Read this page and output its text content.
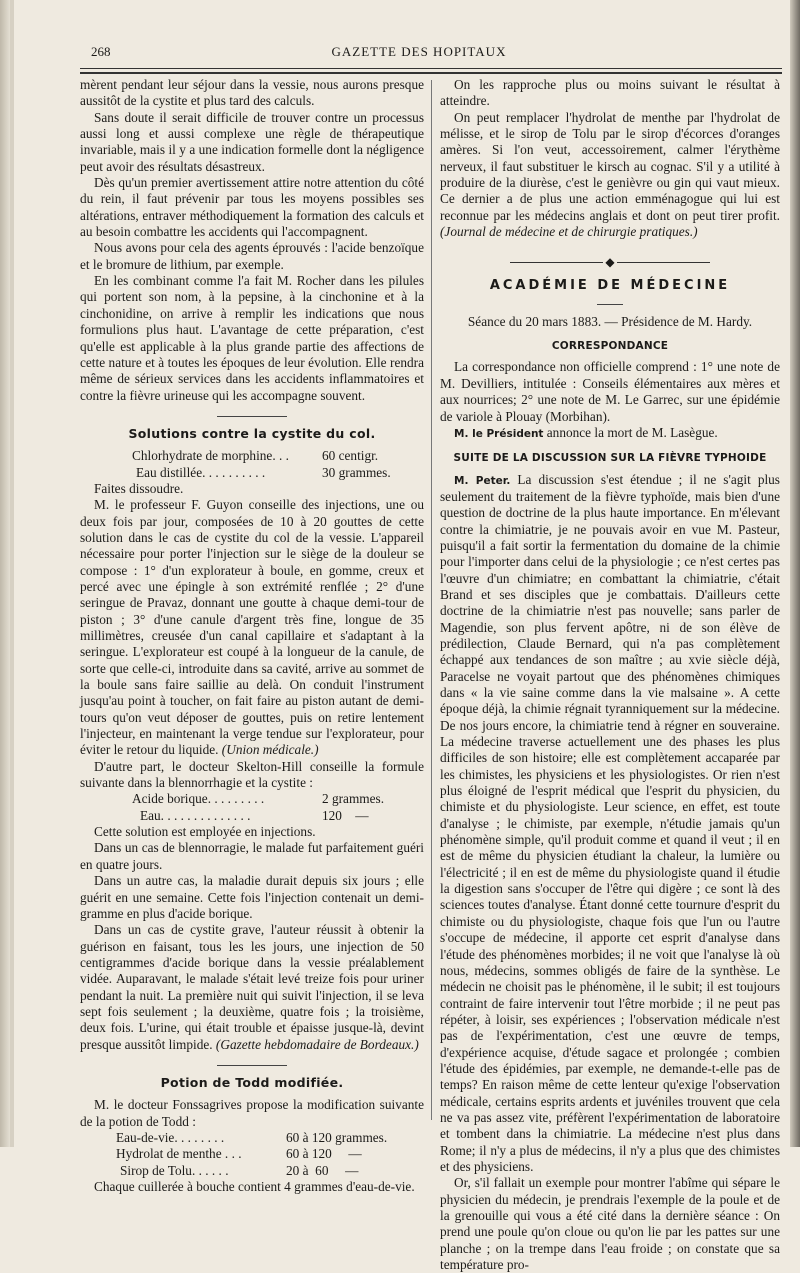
268	GAZETTE DES HOPITAUX

mèrent pendant leur séjour dans la vessie, nous aurons presque aussitôt de la cystite et plus tard des calculs.

Sans doute il serait difficile de trouver contre un processus aussi long et aussi complexe une règle de thérapeutique invariable, mais il y a une indication formelle dont la négligence peut avoir des résultats désastreux.

Dès qu'un premier avertissement attire notre attention du côté du rein, il faut prévenir par tous les moyens possibles ses altérations, entraver méthodiquement la formation des calculs et au besoin combattre les accidents qui l'accompagnent.

Nous avons pour cela des agents éprouvés : l'acide benzoïque et le bromure de lithium, par exemple.

En les combinant comme l'a fait M. Rocher dans les pilules qui portent son nom, à la pepsine, à la cinchonine et à la cinchonidine, on arrive à remplir les indications que nous formulions plus haut. L'avantage de cette préparation, c'est qu'elle est applicable à la plus grande partie des affections de cette nature et à toutes les époques de leur évolution. Elle rendra même de sérieux services dans les accidents inflammatoires et contre la fièvre urineuse qui les accompagne souvent.

Solutions contre la cystite du col.

Chlorhydrate de morphine. . .	60 centigr.
Eau distillée. . . . . . . . . .	30 grammes.

Faites dissoudre.

M. le professeur F. Guyon conseille des injections, une ou deux fois par jour, composées de 10 à 20 gouttes de cette solution dans le cas de cystite du col de la vessie. L'appareil nécessaire pour porter l'injection sur le siège de la douleur se compose : 1° d'un explorateur à boule, en gomme, creux et percé avec une épingle à son extrémité renflée ; 2° d'une seringue de Pravaz, donnant une goutte à chaque demi-tour de piston ; 3° d'une canule d'argent très fine, longue de 35 millimètres, creusée d'un canal capillaire et s'adaptant à la seringue. L'explorateur est coupé à la longueur de la canule, de sorte que celle-ci, introduite dans sa cavité, arrive au sommet de la boule sans faire saillie au delà. On conduit l'instrument jusqu'au point à toucher, on fait faire au piston autant de demi-tours qu'on veut déposer de gouttes, puis on retire lentement l'injecteur, en maintenant la verge tendue sur l'explorateur, pour éviter le retour du liquide. (Union médicale.)

D'autre part, le docteur Skelton-Hill conseille la formule suivante dans la blennorrhagie et la cystite :

Acide borique. . . . . . . . .	2 grammes.
Eau. . . . . . . . . . . . . .	120    —

Cette solution est employée en injections.

Dans un cas de blennorragie, le malade fut parfaitement guéri en quatre jours.

Dans un autre cas, la maladie durait depuis six jours ; elle guérit en une semaine. Cette fois l'injection contenait un demi-gramme en plus d'acide borique.

Dans un cas de cystite grave, l'auteur réussit à obtenir la guérison en faisant, tous les les jours, une injection de 50 centigrammes d'acide borique dans la vessie préalablement vidée. Auparavant, le malade s'était levé treize fois pour uriner pendant la nuit. La première nuit qui suivit l'injection, il se leva sept fois seulement ; la deuxième, quatre fois ; la troisième, deux fois. L'urine, qui était trouble et épaisse jusque-là, devint presque aussitôt limpide. (Gazette hebdomadaire de Bordeaux.)

Potion de Todd modifiée.

M. le docteur Fonssagrives propose la modification suivante de la potion de Todd :

Eau-de-vie. . . . . . . .	60 à 120 grammes.
Hydrolat de menthe . . .	60 à 120     —
Sirop de Tolu. . . . . .	20 à  60     —

Chaque cuillerée à bouche contient 4 grammes d'eau-de-vie.

On les rapproche plus ou moins suivant le résultat à atteindre.

On peut remplacer l'hydrolat de menthe par l'hydrolat de mélisse, et le sirop de Tolu par le sirop d'écorces d'oranges amères. Si l'on veut, accessoirement, calmer l'érythème nerveux, il faut substituer le kirsch au cognac. S'il y a utilité à produire de la diurèse, c'est le genièvre ou gin qui vaut mieux. Ce dernier a de plus une action emménagogue qui lui est reconnue par les médecins anglais et dont on peut tirer profit. (Journal de médecine et de chirurgie pratiques.)

◆

ACADÉMIE DE MÉDECINE

Séance du 20 mars 1883. — Présidence de M. Hardy.

CORRESPONDANCE

La correspondance non officielle comprend : 1° une note de M. Devilliers, intitulée : Conseils élémentaires aux mères et aux nourrices; 2° une note de M. Le Garrec, sur une épidémie de variole à Plouay (Morbihan).

M. le Président annonce la mort de M. Lasègue.

SUITE DE LA DISCUSSION SUR LA FIÈVRE TYPHOIDE

M. Peter. La discussion s'est étendue ; il ne s'agit plus seulement du traitement de la fièvre typhoïde, mais bien d'une question de doctrine de la plus haute importance. En m'élevant contre la chimiatrie, je ne pouvais avoir en vue M. Pasteur, puisqu'il a fait sortir la fermentation du domaine de la chimie pour l'importer dans celui de la physiologie ; ce n'est certes pas l'œuvre d'un chimiatre; en combattant la chimiatrie, c'était Brand et ses disciples que je combattais. D'ailleurs cette doctrine de la chimiatrie n'est pas nouvelle; sans parler de Magendie, son plus fervent apôtre, ni de son élève de prédilection, Claude Bernard, qui n'a pas complètement échappé aux tendances de son maître ; au xvie siècle déjà, Paracelse ne voyait partout que des phénomènes chimiques dans « la vie saine comme dans la vie malsaine ». A cette époque déjà, la chimie régnait tyranniquement sur la médecine. De nos jours encore, la chimiatrie tend à régner en souveraine. La médecine traverse actuellement une des phases les plus difficiles de son histoire; elle est complètement accaparée par les chimistes, les physiciens et les physiologistes. Or rien n'est plus éloigné de l'esprit médical que l'esprit du physicien, du chimiste et du physiologiste. Leur science, en effet, est toute d'analyse ; le chimiste, par exemple, n'étudie jamais qu'un phénomène simple, qu'il produit comme et quand il veut ; il en est de même du physicien étudiant la chaleur, la lumière ou l'électricité ; il en est de même du physiologiste quand il étudie la digestion sans s'occuper de l'être qui digère ; ce sont là des sciences toutes d'analyse. Étant donné cette tournure d'esprit du chimiste ou du physiologiste, chaque fois que l'un ou l'autre s'occupe de médecine, il apporte cet esprit d'analyse dans l'étude des phénomènes morbides; il ne voit que l'analyse là où nous, médecins, sommes obligés de faire de la synthèse. Le médecin ne choisit pas le phénomène, il le subit; il est toujours contraint de faire intervenir tout l'être morbide ; il ne peut pas répéter, à loisir, ses expériences ; l'observation médicale n'est pas de l'expérimentation, c'est une œuvre de temps, d'expérience acquise, d'étude sagace et prolongée ; combien l'étude des épidémies, par exemple, ne demande-t-elle pas de temps? En raison même de cette lenteur qu'exige l'observation médicale, certains esprits ardents et juvéniles trouvent que cela ne va pas assez vite, préfèrent l'expérimentation de laboratoire et tombent dans la chimiatrie. La médecine n'est plus dans Rome; il n'y a plus de médecins, il n'y a plus que des chimistes et des physiciens.

Or, s'il fallait un exemple pour montrer l'abîme qui sépare le physicien du médecin, je prendrais l'exemple de la poule et de la grenouille qui vous a été cité dans la dernière séance : On prend une poule qu'on cloue ou qu'on lie par les pattes sur une planche ; on la trempe dans l'eau froide ; on constate que sa température pro-
